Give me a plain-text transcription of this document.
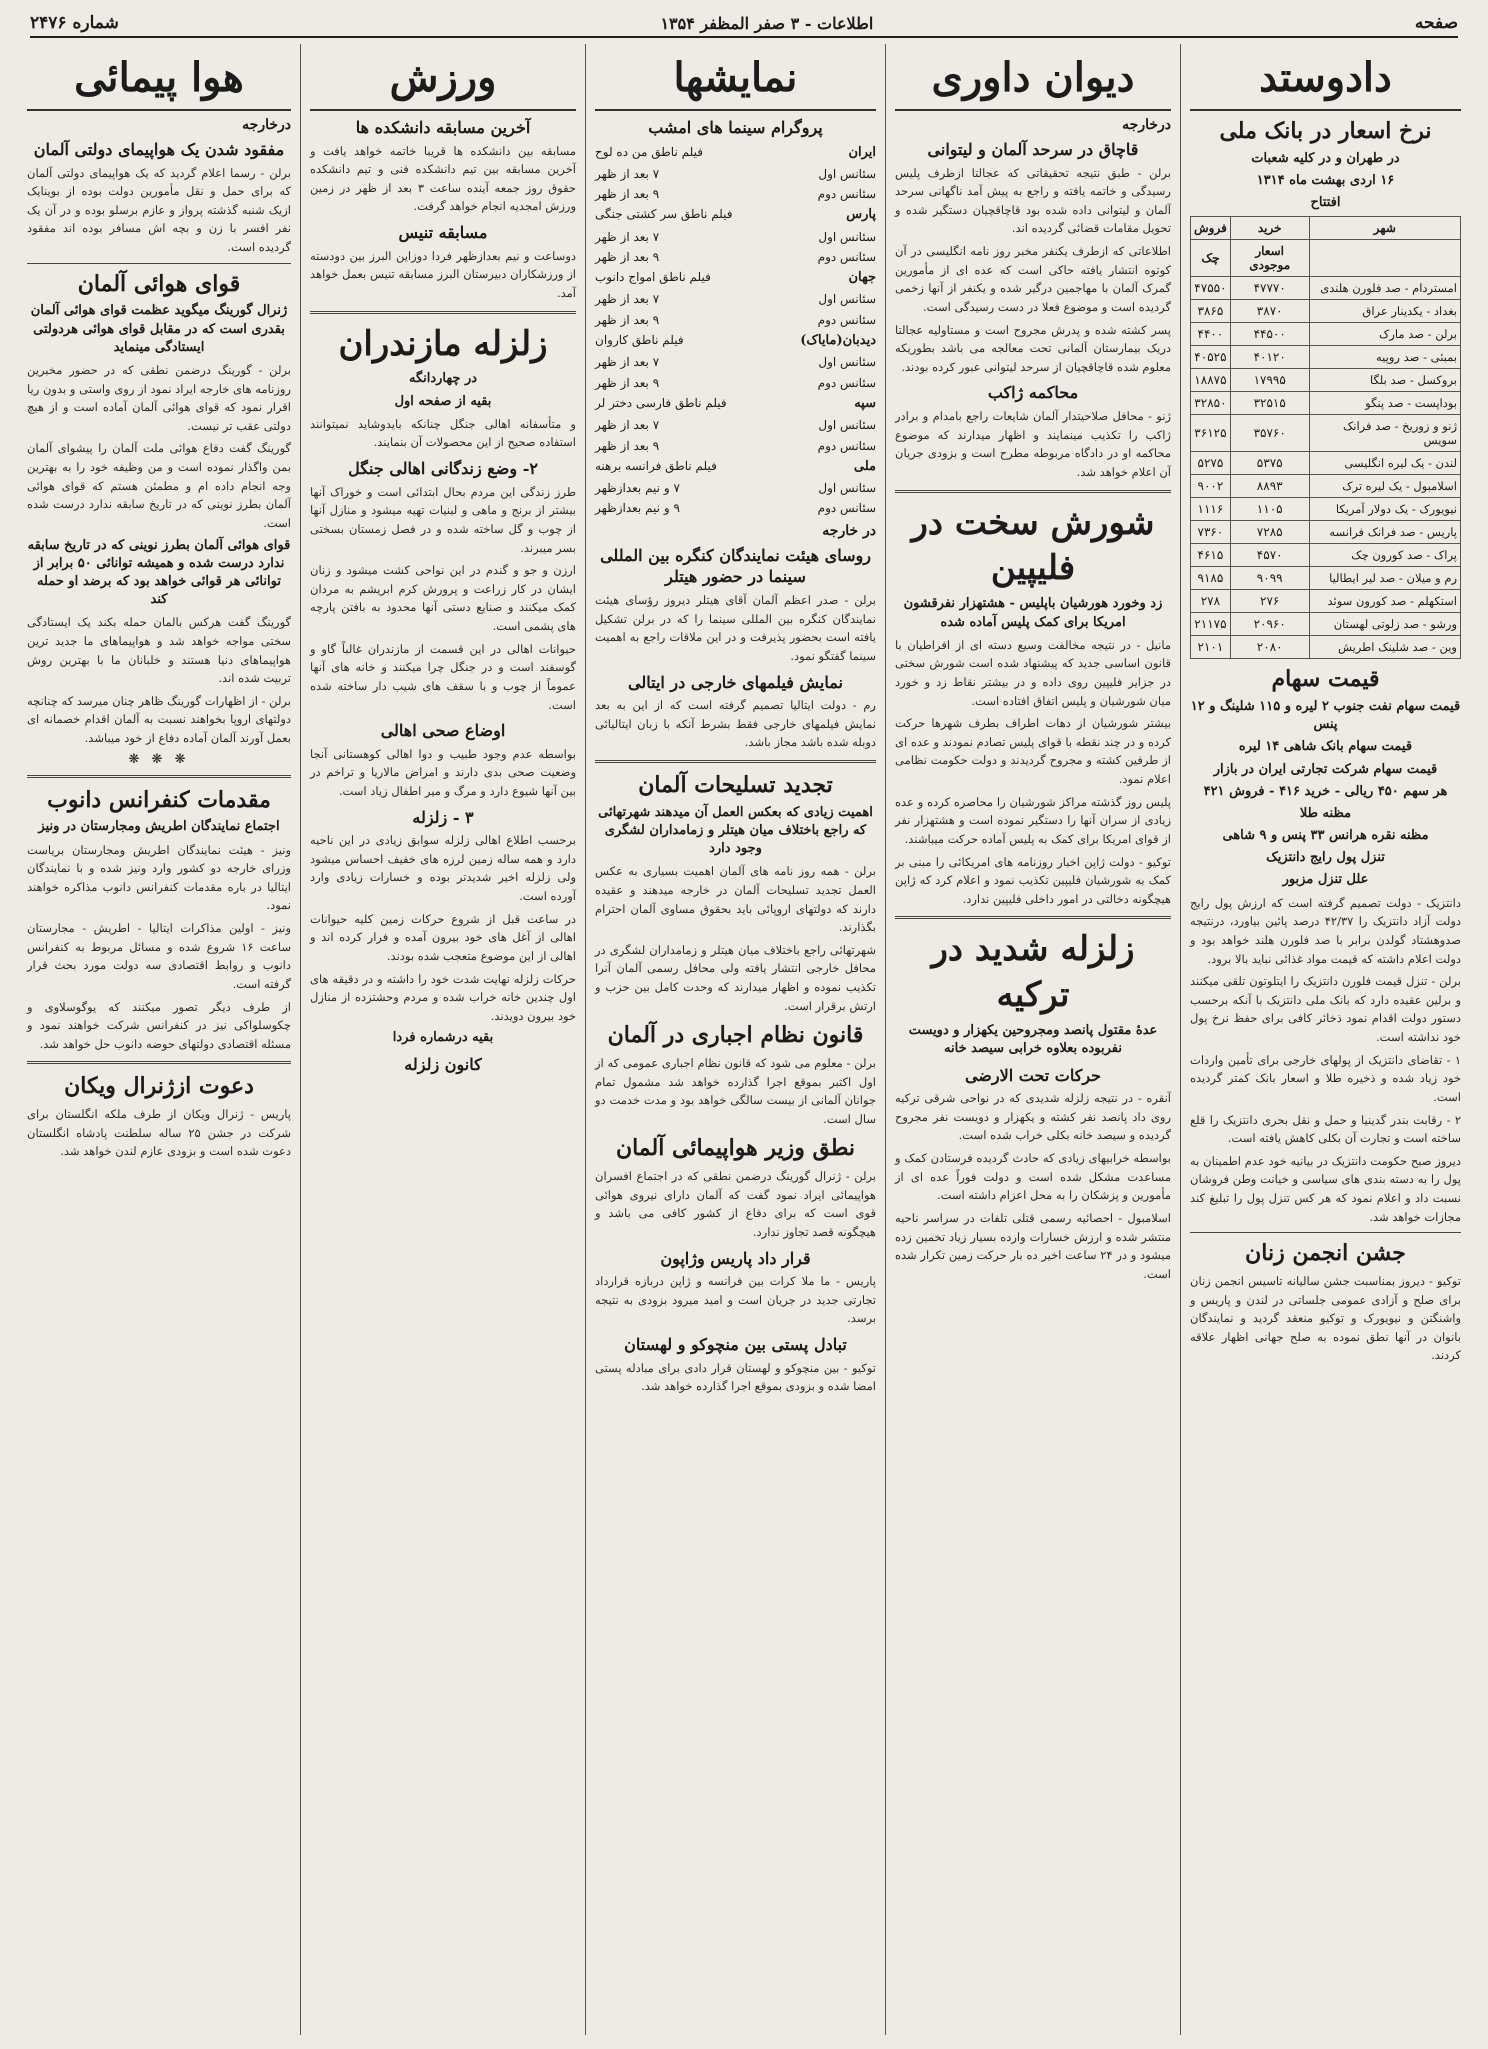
صفحه
اطلاعات - ۳ صفر المظفر ۱۳۵۴
شماره ۲۴۷۶
دادوستد
نرخ اسعار در بانک ملی
در طهران و در کلیه شعبات
۱۶ اردی بهشت ماه ۱۳۱۴
افتتاح
شهر	خرید	فروش
	اسعار موجودی	چک
امستردام - صد فلورن هلندی	۴۷۷۷۰	۴۷۵۵۰
بغداد - یکدینار عراق	۳۸۷۰	۳۸۶۵
برلن - صد مارک	۴۴۵۰۰	۴۴۰۰
بمبئی - صد روپیه	۴۰۱۲۰	۴۰۵۲۵
بروکسل - صد بلگا	۱۷۹۹۵	۱۸۸۷۵
بوداپست - صد پنگو	۳۲۵۱۵	۳۲۸۵۰
ژنو و زوریخ - صد فرانک سویس	۳۵۷۶۰	۳۶۱۲۵
لندن - یک لیره انگلیسی	۵۳۷۵	۵۲۷۵
اسلامبول - یک لیره ترک	۸۸۹۳	۹۰۰۲
نیویورک - یک دولار آمریکا	۱۱۰۵	۱۱۱۶
پاریس - صد فرانک فرانسه	۷۲۸۵	۷۳۶۰
پراک - صد کورون چک	۴۵۷۰	۴۶۱۵
رم و میلان - صد لیر ایطالیا	۹۰۹۹	۹۱۸۵
استکهلم - صد کورون سوئد	۲۷۶	۲۷۸
ورشو - صد زلوتی لهستان	۲۰۹۶۰	۲۱۱۷۵
وین - صد شلینک اطریش	۲۰۸۰	۲۱۰۱
قیمت سهام
قیمت سهام نفت جنوب ۲ لیره و ۱۱۵ شلینگ و ۱۲ پنس
قیمت سهام بانک شاهی ۱۴ لیره
قیمت سهام شرکت تجارتی ایران در بازار
هر سهم ۴۵۰ ریالی - خرید ۴۱۶ - فروش ۴۲۱
مظنه طلا
مظنه نقره هرانس ۳۳ پنس و ۹ شاهی
تنزل پول رایج دانتزیک
علل تنزل مزبور
دانتزیک - دولت تصمیم گرفته است که ارزش پول رایج دولت آزاد دانتزیک را ۴۲/۳۷ درصد پائین بیاورد، درنتیجه صدوهشتاد گولدن برابر با صد فلورن هلند خواهد بود و دولت اعلام داشته که قیمت مواد غذائی نباید بالا برود.
برلن - تنزل قیمت فلورن دانتزیک را ایتلوتون تلقی میکنند و برلین عقیده دارد که بانک ملی دانتزیک با آنکه برحسب دستور دولت اقدام نمود ذخائر کافی برای حفظ نرخ پول خود نداشته است.
۱ - تقاضای دانتزیک از پولهای خارجی برای تأمین واردات خود زیاد شده و ذخیره طلا و اسعار بانک کمتر گردیده است.
۲ - رقابت بندر گدینیا و حمل و نقل بحری دانتزیک را قلع ساخته است و تجارت آن بکلی کاهش یافته است.
دیروز صبح حکومت دانتزیک در بیانیه خود عدم اطمینان به پول را به دسته بندی های سیاسی و خیانت وطن فروشان نسبت داد و اعلام نمود که هر کس تنزل پول را تبلیغ کند مجازات خواهد شد.
جشن انجمن زنان
توکیو - دیروز بمناسبت جشن سالیانه تاسیس انجمن زنان برای صلح و آزادی عمومی جلساتی در لندن و پاریس و واشنگتن و نیویورک و توکیو منعقد گردید و نمایندگان بانوان در آنها نطق نموده به صلح جهانی اظهار علاقه کردند.
دیوان داوری
درخارجه
قاچاق در سرحد آلمان و لیتوانی
برلن - طبق نتیجه تحقیقاتی که عجالتا ازطرف پلیس رسیدگی و خاتمه یافته و راجع به پیش آمد ناگهانی سرحد آلمان و لیتوانی داده شده بود قاچاقچیان دستگیر شده و تحویل مقامات قضائی گردیده اند.
اطلاعاتی که ازطرف یکنفر مخبر روز نامه انگلیسی در آن کوتوه انتشار یافته حاکی است که عده ای از مأمورین گمرک آلمان با مهاجمین درگیر شده و یکنفر از آنها زخمی گردیده است و موضوع فعلا در دست رسیدگی است.
پسر کشته شده و پدرش مجروح است و مستاولیه عجالتا دریک بیمارستان آلمانی تحت معالجه می باشد بطوریکه معلوم شده قاچاقچیان از سرحد لیتوانی عبور کرده بودند.
محاکمه ژاکب
ژنو - محافل صلاحیتدار آلمان شایعات راجع بامدام و برادر ژاکب را تکذیب مینمایند و اظهار میدارند که موضوع محاکمه او در دادگاه مربوطه مطرح است و بزودی جریان آن اعلام خواهد شد.
شورش سخت در فلیپین
زد وخورد هورشیان باپلیس - هشتهزار نفرقشون امریکا برای کمک پلیس آماده شده
مانیل - در نتیجه مخالفت وسیع دسته ای از افراطیان با قانون اساسی جدید که پیشنهاد شده است شورش سختی در جزایر فلیپین روی داده و در بیشتر نقاط زد و خورد میان شورشیان و پلیس اتفاق افتاده است.
بیشتر شورشیان از دهات اطراف بطرف شهرها حرکت کرده و در چند نقطه با قوای پلیس تصادم نمودند و عده ای از طرفین کشته و مجروح گردیدند و دولت حکومت نظامی اعلام نمود.
پلیس روز گذشته مراکز شورشیان را محاصره کرده و عده زیادی از سران آنها را دستگیر نموده است و هشتهزار نفر از قوای امریکا برای کمک به پلیس آماده حرکت میباشند.
توکیو - دولت ژاپن اخبار روزنامه های امریکائی را مبنی بر کمک به شورشیان فلیپین تکذیب نمود و اعلام کرد که ژاپن هیچگونه دخالتی در امور داخلی فلیپین ندارد.
زلزله شدید در ترکیه
عدهٔ مقتول پانصد ومجروحین یکهزار و دویست نفربوده بعلاوه خرابی سیصد خانه
حرکات تحت الارضی
آنقره - در نتیجه زلزله شدیدی که در نواحی شرقی ترکیه روی داد پانصد نفر کشته و یکهزار و دویست نفر مجروح گردیده و سیصد خانه بکلی خراب شده است.
بواسطه خرابیهای زیادی که حادث گردیده فرستادن کمک و مساعدت مشکل شده است و دولت فوراً عده ای از مأمورین و پزشکان را به محل اعزام داشته است.
اسلامبول - احصائیه رسمی قتلی تلفات در سراسر ناحیه منتشر شده و ارزش خسارات وارده بسیار زیاد تخمین زده میشود و در ۲۴ ساعت اخیر ده بار حرکت زمین تکرار شده است.
نمایشها
پروگرام سینما های امشب
ایران
فیلم ناطق من ده لوح
سئانس اول
۷ بعد از ظهر
سئانس دوم
۹ بعد از ظهر
پارس
فیلم ناطق سر کشتی جنگی
سئانس اول
۷ بعد از ظهر
سئانس دوم
۹ بعد از ظهر
جهان
فیلم ناطق امواج دانوب
سئانس اول
۷ بعد از ظهر
سئانس دوم
۹ بعد از ظهر
دیدبان(مایاک)
فیلم ناطق کاروان
سئانس اول
۷ بعد از ظهر
سئانس دوم
۹ بعد از ظهر
سپه
فیلم ناطق فارسی دختر لر
سئانس اول
۷ بعد از ظهر
سئانس دوم
۹ بعد از ظهر
ملی
فیلم ناطق فرانسه برهنه
سئانس اول
۷ و نیم بعدازظهر
سئانس دوم
۹ و نیم بعدازظهر
در خارجه
روسای هیئت نمایندگان کنگره بین المللی سینما در حضور هیتلر
برلن - صدر اعظم آلمان آقای هیتلر دیروز رؤسای هیئت نمایندگان کنگره بین المللی سینما را که در برلن تشکیل یافته است بحضور پذیرفت و در این ملاقات راجع به اهمیت سینما گفتگو نمود.
نمایش فیلمهای خارجی در ایتالی
رم - دولت ایتالیا تصمیم گرفته است که از این به بعد نمایش فیلمهای خارجی فقط بشرط آنکه با زبان ایتالیائی دوبله شده باشد مجاز باشد.
تجدید تسلیحات آلمان
اهمیت زیادی که بعکس العمل آن میدهند شهرتهائی که راجع باختلاف میان هیتلر و زمامداران لشگری وجود دارد
برلن - همه روز نامه های آلمان اهمیت بسیاری به عکس العمل تجدید تسلیحات آلمان در خارجه میدهند و عقیده دارند که دولتهای اروپائی باید بحقوق مساوی آلمان احترام بگذارند.
شهرتهائی راجع باختلاف میان هیتلر و زمامداران لشگری در محافل خارجی انتشار یافته ولی محافل رسمی آلمان آنرا تکذیب نموده و اظهار میدارند که وحدت کامل بین حزب و ارتش برقرار است.
قانون نظام اجباری در آلمان
برلن - معلوم می شود که قانون نظام اجباری عمومی که از اول اکتبر بموقع اجرا گذارده خواهد شد مشمول تمام جوانان آلمانی از بیست سالگی خواهد بود و مدت خدمت دو سال است.
نطق وزیر هواپیمائی آلمان
برلن - ژنرال گورینگ درضمن نطقی که در اجتماع افسران هواپیمائی ایراد نمود گفت که آلمان دارای نیروی هوائی قوی است که برای دفاع از کشور کافی می باشد و هیچگونه قصد تجاوز ندارد.
قرار داد پاریس وژاپون
پاریس - ما ملا کرات بین فرانسه و ژاپن دربازه قرارداد تجارتی جدید در جریان است و امید میرود بزودی به نتیجه برسد.
تبادل پستی بین منچوکو و لهستان
توکیو - بین منچوکو و لهستان قرار دادی برای مبادله پستی امضا شده و بزودی بموقع اجرا گذارده خواهد شد.
ورزش
آخرین مسابقه دانشکده ها
مسابقه بین دانشکده ها قریبا خاتمه خواهد یافت و آخرین مسابقه بین تیم دانشکده فنی و تیم دانشکده حقوق روز جمعه آینده ساعت ۳ بعد از ظهر در زمین ورزش امجدیه انجام خواهد گرفت.
مسابقه تنیس
دوساعت و نیم بعدازظهر فردا دوزاین البرز بین دودسته از ورزشکاران دبیرستان البرز مسابقه تنیس بعمل خواهد آمد.
زلزله مازندران
در چهاردانگه
بقیه از صفحه اول
و متأسفانه اهالی جنگل چنانکه بایدوشاید نمیتوانند استفاده صحیح از این محصولات آن بنمایند.
۲- وضع زندگانی اهالی جنگل
طرز زندگی این مردم بحال ابتدائی است و خوراک آنها بیشتر از برنج و ماهی و لبنیات تهیه میشود و منازل آنها از چوب و گل ساخته شده و در فصل زمستان بسختی بسر میبرند.
ارزن و جو و گندم در این نواحی کشت میشود و زنان ایشان در کار زراعت و پرورش کرم ابریشم به مردان کمک میکنند و صنایع دستی آنها محدود به بافتن پارچه های پشمی است.
حیوانات اهالی در این قسمت از مازندران غالباً گاو و گوسفند است و در جنگل چرا میکنند و خانه های آنها عموماً از چوب و با سقف های شیب دار ساخته شده است.
اوضاع صحی اهالی
بواسطه عدم وجود طبیب و دوا اهالی کوهستانی آنجا وضعیت صحی بدی دارند و امراض مالاریا و تراخم در بین آنها شیوع دارد و مرگ و میر اطفال زیاد است.
۳ - زلزله
برحسب اطلاع اهالی زلزله سوابق زیادی در این ناحیه دارد و همه ساله زمین لرزه های خفیف احساس میشود ولی زلزله اخیر شدیدتر بوده و خسارات زیادی وارد آورده است.
در ساعت قبل از شروع حرکات زمین کلیه حیوانات اهالی از آغل های خود بیرون آمده و فرار کرده اند و اهالی از این موضوع متعجب شده بودند.
حرکات زلزله نهایت شدت خود را داشته و در دقیقه های اول چندین خانه خراب شده و مردم وحشتزده از منازل خود بیرون دویدند.
بقیه درشماره فردا
کانون زلزله
هوا پیمائی
درخارجه
مفقود شدن یک هواپیمای دولتی آلمان
برلن - رسما اعلام گردید که یک هواپیمای دولتی آلمان که برای حمل و نقل مأمورین دولت بوده از بوینایک ازیک شنبه گذشته پرواز و عازم برسلو بوده و در آن یک نفر افسر با زن و بچه اش مسافر بوده اند مفقود گردیده است.
قوای هوائی آلمان
ژنرال گورینگ میگوید عظمت قوای هوائی آلمان بقدری است که در مقابل قوای هوائی هردولتی ایستادگی مینماید
برلن - گورینگ درضمن نطقی که در حضور مخبرین روزنامه های خارجه ایراد نمود از روی واستی و بدون ریا اقرار نمود که قوای هوائی آلمان آماده است و از هیچ دولتی عقب تر نیست.
گورینگ گفت دفاع هوائی ملت آلمان را پیشوای آلمان بمن واگذار نموده است و من وظیفه خود را به بهترین وجه انجام داده ام و مطمئن هستم که قوای هوائی آلمان بطرز نوینی که در تاریخ سابقه ندارد درست شده است.
قوای هوائی آلمان بطرز نوینی که در تاریخ سابقه ندارد درست شده و همیشه توانائی ۵۰ برابر از توانائی هر قوائی خواهد بود که برضد او حمله کند
گورینگ گفت هرکس بالمان حمله بکند یک ایستادگی سختی مواجه خواهد شد و هواپیماهای ما جدید ترین هواپیماهای دنیا هستند و خلبانان ما با بهترین روش تربیت شده اند.
برلن - از اظهارات گورینگ ظاهر چنان میرسد که چنانچه دولتهای اروپا بخواهند نسبت به آلمان اقدام خصمانه ای بعمل آورند آلمان آماده دفاع از خود میباشد.
❋ ❋ ❋
مقدمات کنفرانس دانوب
اجتماع نمایندگان اطریش ومجارستان در ونیز
ونیز - هیئت نمایندگان اطریش ومجارستان بریاست وزرای خارجه دو کشور وارد ونیز شده و با نمایندگان ایتالیا در باره مقدمات کنفرانس دانوب مذاکره خواهند نمود.
ونیز - اولین مذاکرات ایتالیا - اطریش - مجارستان ساعت ۱۶ شروع شده و مسائل مربوط به کنفرانس دانوب و روابط اقتصادی سه دولت مورد بحث قرار گرفته است.
از طرف دیگر تصور میکنند که یوگوسلاوی و چکوسلواکی نیز در کنفرانس شرکت خواهند نمود و مسئله اقتصادی دولتهای حوضه دانوب حل خواهد شد.
دعوت ازژنرال ویکان
پاریس - ژنرال ویکان از طرف ملکه انگلستان برای شرکت در جشن ۲۵ ساله سلطنت پادشاه انگلستان دعوت شده است و بزودی عازم لندن خواهد شد.
